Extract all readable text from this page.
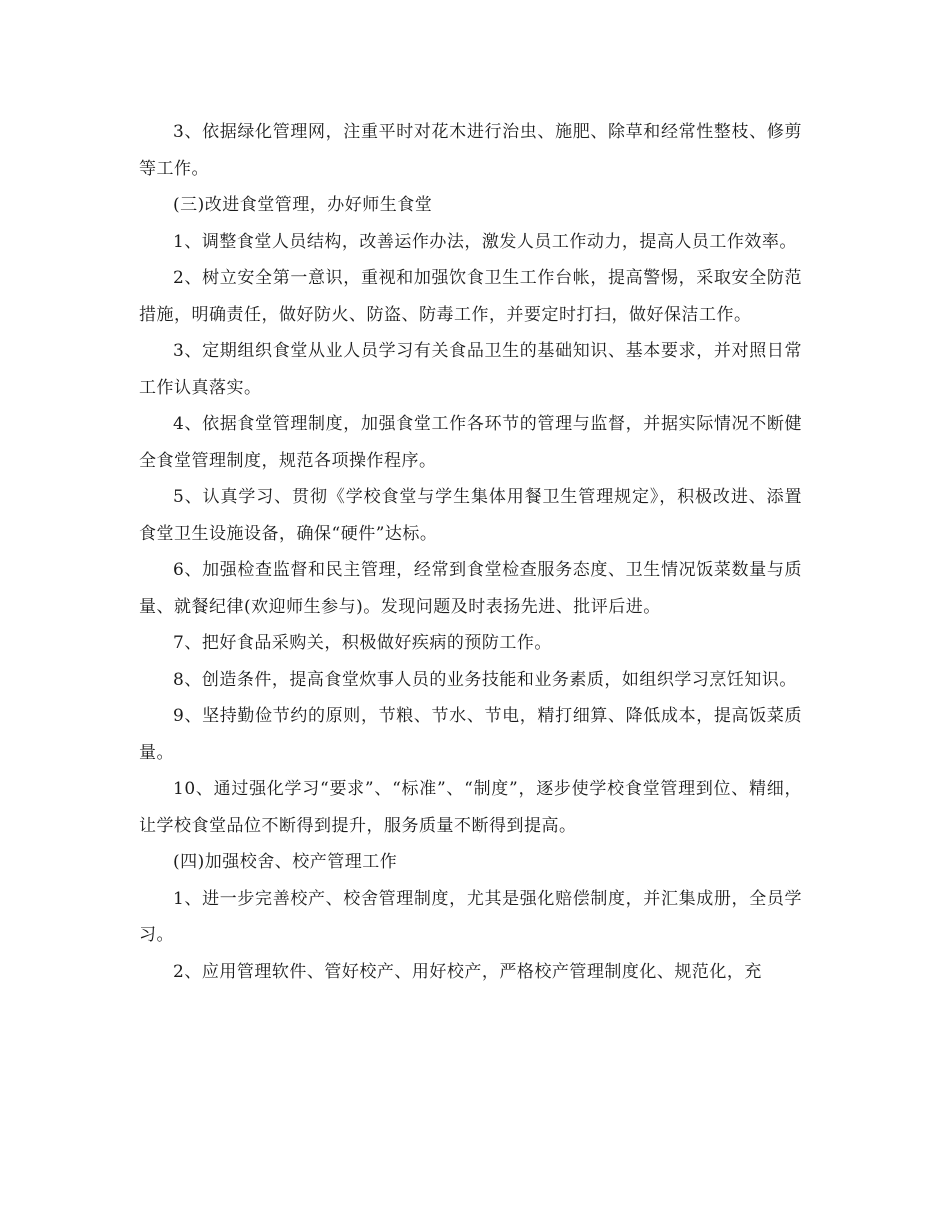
3、依据绿化管理网，注重平时对花木进行治虫、施肥、除草和经常性整枝、修剪等工作。

(三)改进食堂管理，办好师生食堂

1、调整食堂人员结构，改善运作办法，激发人员工作动力，提高人员工作效率。

2、树立安全第一意识，重视和加强饮食卫生工作台帐，提高警惕，采取安全防范措施，明确责任，做好防火、防盗、防毒工作，并要定时打扫，做好保洁工作。

3、定期组织食堂从业人员学习有关食品卫生的基础知识、基本要求，并对照日常工作认真落实。

4、依据食堂管理制度，加强食堂工作各环节的管理与监督，并据实际情况不断健全食堂管理制度，规范各项操作程序。

5、认真学习、贯彻《学校食堂与学生集体用餐卫生管理规定》，积极改进、添置食堂卫生设施设备，确保“硬件”达标。

6、加强检查监督和民主管理，经常到食堂检查服务态度、卫生情况饭菜数量与质量、就餐纪律(欢迎师生参与)。发现问题及时表扬先进、批评后进。

7、把好食品采购关，积极做好疾病的预防工作。

8、创造条件，提高食堂炊事人员的业务技能和业务素质，如组织学习烹饪知识。

9、坚持勤俭节约的原则，节粮、节水、节电，精打细算、降低成本，提高饭菜质量。

10、通过强化学习“要求”、“标准”、“制度”，逐步使学校食堂管理到位、精细，让学校食堂品位不断得到提升，服务质量不断得到提高。

(四)加强校舍、校产管理工作

1、进一步完善校产、校舍管理制度，尤其是强化赔偿制度，并汇集成册，全员学习。

2、应用管理软件、管好校产、用好校产，严格校产管理制度化、规范化，充
